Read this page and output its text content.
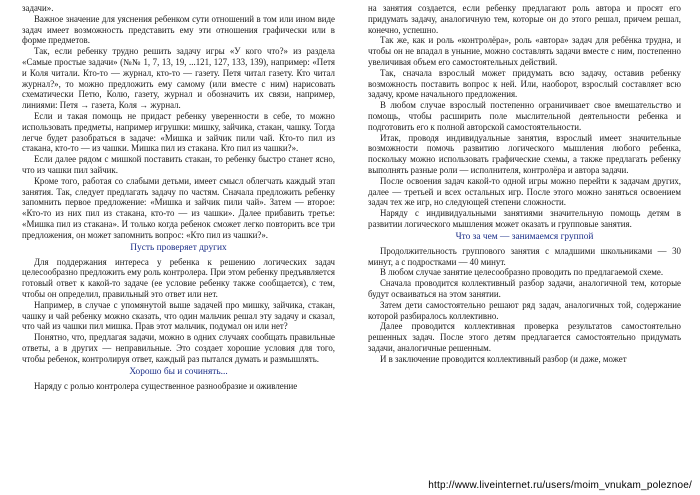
задачи».

Важное значение для уяснения ребенком сути отношений в том или ином виде задач имеет возможность представить ему эти отношения графически или в форме предметов.

Так, если ребенку трудно решить задачу игры «У кого что?» из раздела «Самые простые задачи» (№№ 1, 7, 13, 19, ...121, 127, 133, 139), например: «Петя и Коля читали. Кто-то — журнал, кто-то — газету. Петя читал газету. Кто читал журнал?», то можно предложить ему самому (или вместе с ним) нарисовать схематически Петю, Колю, газету, журнал и обозначить их связи, например, линиями: Петя → газета, Коля → журнал.

Если и такая помощь не придаст ребенку уверенности в себе, то можно использовать предметы, например игрушки: мишку, зайчика, стакан, чашку. Тогда легче будет разобраться в задаче: «Мишка и зайчик пили чай. Кто-то пил из стакана, кто-то — из чашки. Мишка пил из стакана. Кто пил из чашки?».

Если далее рядом с мишкой поставить стакан, то ребенку быстро станет ясно, что из чашки пил зайчик.

Кроме того, работая со слабыми детьми, имеет смысл облегчать каждый этап занятия. Так, следует предлагать задачу по частям. Сначала предложить ребенку запомнить первое предложение: «Мишка и зайчик пили чай». Затем — второе: «Кто-то из них пил из стакана, кто-то — из чашки». Далее прибавить третье: «Мишка пил из стакана». И только когда ребенок сможет легко повторить все три предложения, он может запомнить вопрос: «Кто пил из чашки?».

Пусть проверяет других

Для поддержания интереса у ребенка к решению логических задач целесообразно предложить ему роль контролера. При этом ребенку предъявляется готовый ответ к какой-то задаче (ее условие ребенку также сообщается), с тем, чтобы он определил, правильный это ответ или нет.

Например, в случае с упомянутой выше задачей про мишку, зайчика, стакан, чашку и чай ребенку можно сказать, что один мальчик решал эту задачу и сказал, что чай из чашки пил мишка. Прав этот мальчик, подумал он или нет?

Понятно, что, предлагая задачи, можно в одних случаях сообщать правильные ответы, а в других — неправильные. Это создает хорошие условия для того, чтобы ребенок, контролируя ответ, каждый раз пытался думать и размышлять.

Хорошо бы и сочинять...

Наряду с ролью контролера существенное разнообразие и оживление

на занятия создается, если ребенку предлагают роль автора и просят его придумать задачу, аналогичную тем, которые он до этого решал, причем решал, конечно, успешно.

Так же, как и роль «контролёра», роль «автора» задач для ребёнка трудна, и чтобы он не впадал в уныние, можно составлять задачи вместе с ним, постепенно увеличивая объем его самостоятельных действий.

Так, сначала взрослый может придумать всю задачу, оставив ребенку возможность поставить вопрос к ней. Или, наоборот, взрослый составляет всю задачу, кроме начального предложения.

В любом случае взрослый постепенно ограничивает свое вмешательство и помощь, чтобы расширить поле мыслительной деятельности ребенка и подготовить его к полной авторской самостоятельности.

Итак, проводя индивидуальные занятия, взрослый имеет значительные возможности помочь развитию логического мышления любого ребенка, поскольку можно использовать графические схемы, а также предлагать ребенку выполнять разные роли — исполнителя, контролёра и автора задачи.

После освоения задач какой-то одной игры можно перейти к задачам других, далее — третьей и всех остальных игр. После этого можно заняться освоением задач тех же игр, но следующей степени сложности.

Наряду с индивидуальными занятиями значительную помощь детям в развитии логического мышления может оказать и групповые занятия.

Что за чем — занимаемся группой

Продолжительность группового занятия с младшими школьниками — 30 минут, а с подростками — 40 минут.

В любом случае занятие целесообразно проводить по предлагаемой схеме.

Сначала проводится коллективный разбор задачи, аналогичной тем, которые будут осваиваться на этом занятии.

Затем дети самостоятельно решают ряд задач, аналогичных той, содержание которой разбиралось коллективно.

Далее проводится коллективная проверка результатов самостоятельно решенных задач. После этого детям предлагается самостоятельно придумать задачи, аналогичные решенным.

И в заключение проводится коллективный разбор (и даже, может

http://www.liveinternet.ru/users/moim_vnukam_poleznoe/
